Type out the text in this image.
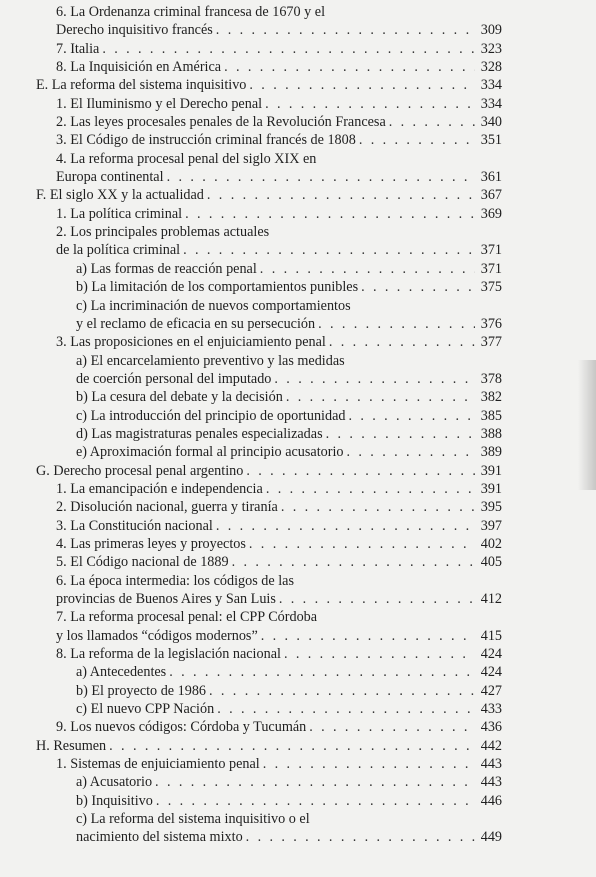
6. La Ordenanza criminal francesa de 1670 y el
Derecho inquisitivo francés . . .	309
7. Italia . . .	323
8. La Inquisición en América . . .	328
E. La reforma del sistema inquisitivo . . .	334
1. El Iluminismo y el Derecho penal . . .	334
2. Las leyes procesales penales de la Revolución Francesa . . .	340
3. El Código de instrucción criminal francés de 1808 . . .	351
4. La reforma procesal penal del siglo XIX en
Europa continental . . .	361
F. El siglo XX y la actualidad . . .	367
1. La política criminal . . .	369
2. Los principales problemas actuales
de la política criminal . . .	371
a) Las formas de reacción penal . . .	371
b) La limitación de los comportamientos punibles . . .	375
c) La incriminación de nuevos comportamientos
y el reclamo de eficacia en su persecución . . .	376
3. Las proposiciones en el enjuiciamiento penal . . .	377
a) El encarcelamiento preventivo y las medidas
de coerción personal del imputado . . .	378
b) La cesura del debate y la decisión . . .	382
c) La introducción del principio de oportunidad . . .	385
d) Las magistraturas penales especializadas . . .	388
e) Aproximación formal al principio acusatorio . . .	389
G. Derecho procesal penal argentino . . .	391
1. La emancipación e independencia . . .	391
2. Disolución nacional, guerra y tiranía . . .	395
3. La Constitución nacional . . .	397
4. Las primeras leyes y proyectos . . .	402
5. El Código nacional de 1889 . . .	405
6. La época intermedia: los códigos de las
provincias de Buenos Aires y San Luis . . .	412
7. La reforma procesal penal: el CPP Córdoba
y los llamados “códigos modernos” . . .	415
8. La reforma de la legislación nacional . . .	424
a) Antecedentes . . .	424
b) El proyecto de 1986 . . .	427
c) El nuevo CPP Nación . . .	433
9. Los nuevos códigos: Córdoba y Tucumán . . .	436
H. Resumen . . .	442
1. Sistemas de enjuiciamiento penal . . .	443
a) Acusatorio . . .	443
b) Inquisitivo . . .	446
c) La reforma del sistema inquisitivo o el
nacimiento del sistema mixto . . .	449
